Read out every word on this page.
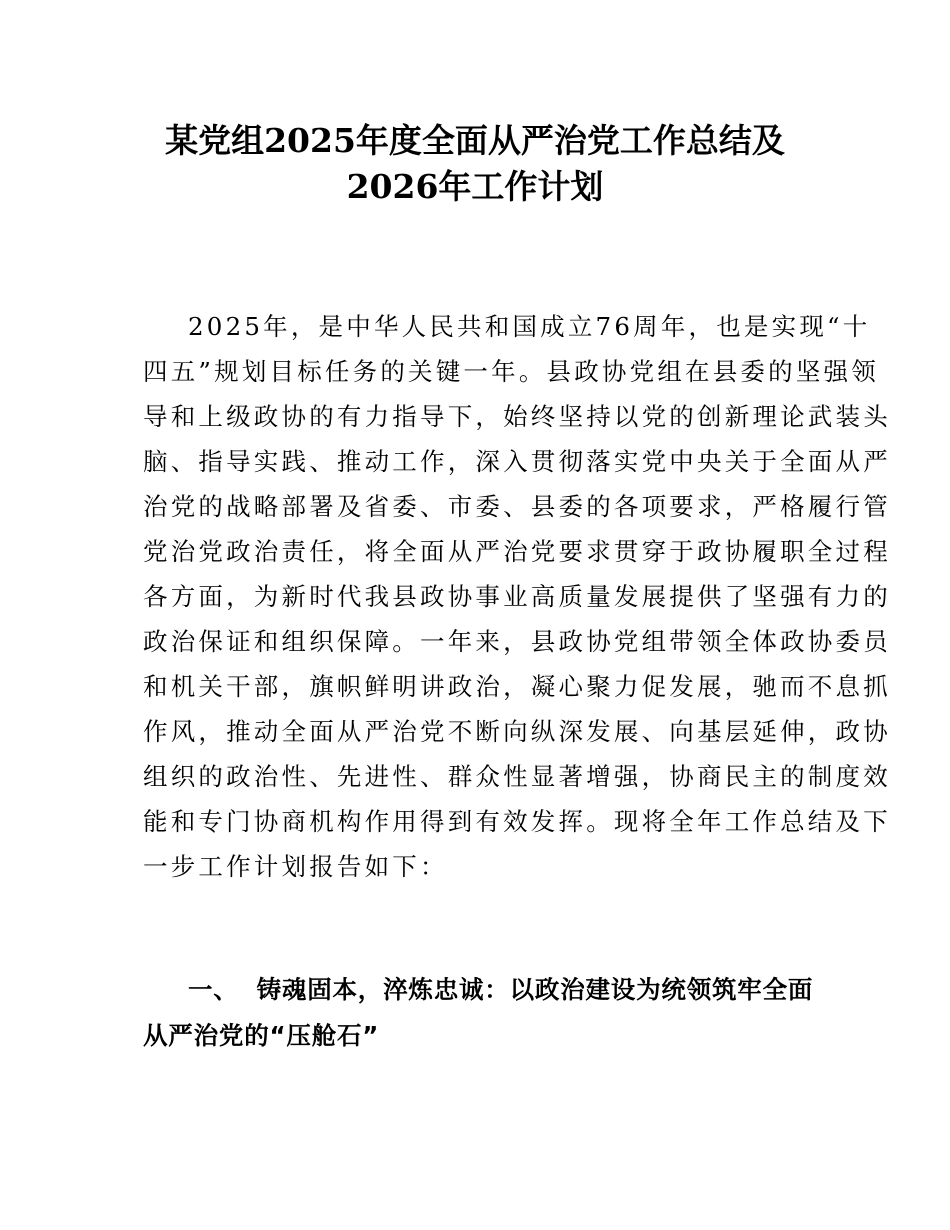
某党组2025年度全面从严治党工作总结及
2026年工作计划
2025年，是中华人民共和国成立76周年，也是实现“十
四五”规划目标任务的关键一年。县政协党组在县委的坚强领
导和上级政协的有力指导下，始终坚持以党的创新理论武装头
脑、指导实践、推动工作，深入贯彻落实党中央关于全面从严
治党的战略部署及省委、市委、县委的各项要求，严格履行管
党治党政治责任，将全面从严治党要求贯穿于政协履职全过程
各方面，为新时代我县政协事业高质量发展提供了坚强有力的
政治保证和组织保障。一年来，县政协党组带领全体政协委员
和机关干部，旗帜鲜明讲政治，凝心聚力促发展，驰而不息抓
作风，推动全面从严治党不断向纵深发展、向基层延伸，政协
组织的政治性、先进性、群众性显著增强，协商民主的制度效
能和专门协商机构作用得到有效发挥。现将全年工作总结及下
一步工作计划报告如下：
一、 铸魂固本，淬炼忠诚：以政治建设为统领筑牢全面
从严治党的“压舱石”
